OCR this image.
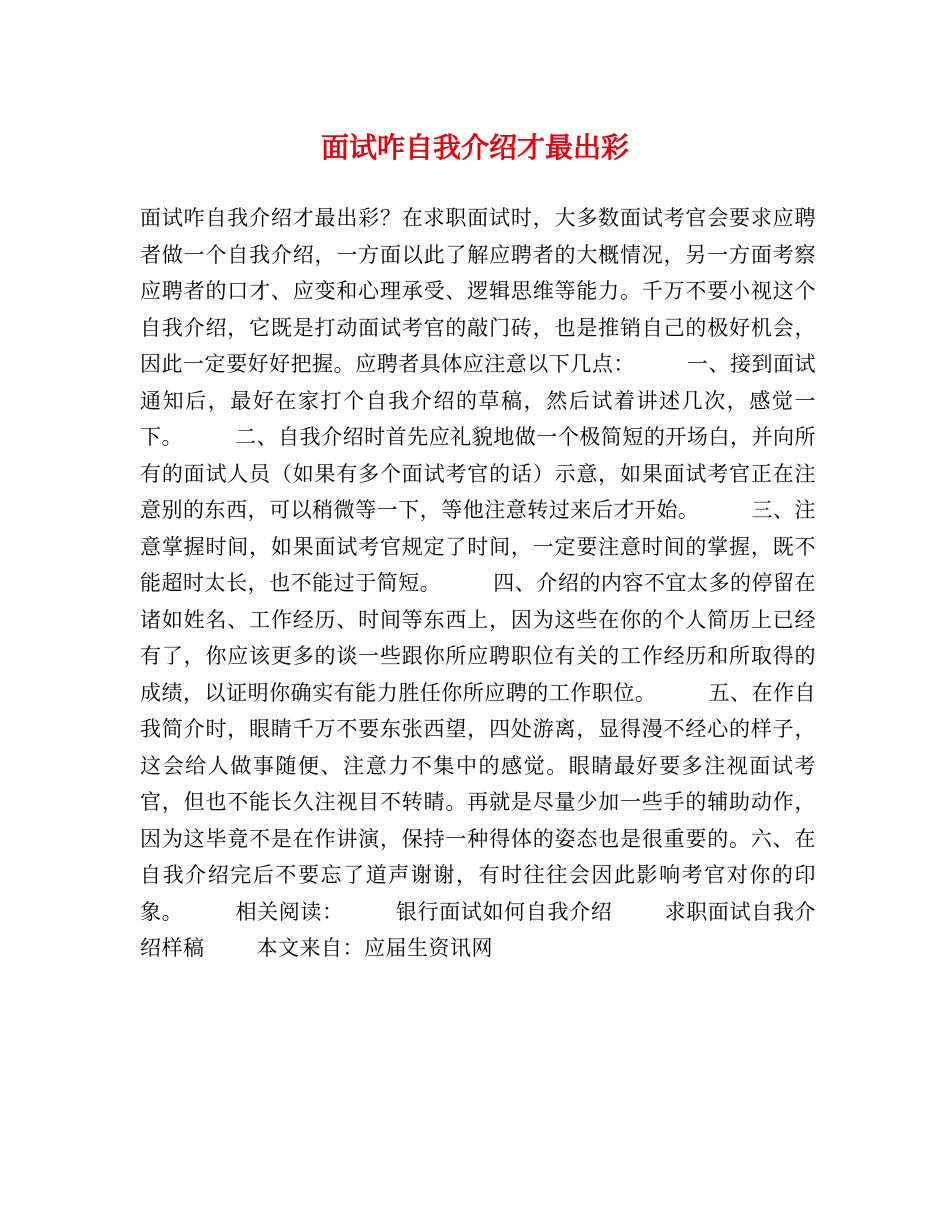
面试咋自我介绍才最出彩

面试咋自我介绍才最出彩？在求职面试时，大多数面试考官会要求应聘者做一个自我介绍，一方面以此了解应聘者的大概情况，另一方面考察应聘者的口才、应变和心理承受、逻辑思维等能力。千万不要小视这个自我介绍，它既是打动面试考官的敲门砖，也是推销自己的极好机会，因此一定要好好把握。应聘者具体应注意以下几点： 一、接到面试通知后，最好在家打个自我介绍的草稿，然后试着讲述几次，感觉一下。 二、自我介绍时首先应礼貌地做一个极简短的开场白，并向所有的面试人员（如果有多个面试考官的话）示意，如果面试考官正在注意别的东西，可以稍微等一下，等他注意转过来后才开始。 三、注意掌握时间，如果面试考官规定了时间，一定要注意时间的掌握，既不能超时太长，也不能过于简短。 四、介绍的内容不宜太多的停留在诸如姓名、工作经历、时间等东西上，因为这些在你的个人简历上已经有了，你应该更多的谈一些跟你所应聘职位有关的工作经历和所取得的成绩，以证明你确实有能力胜任你所应聘的工作职位。 五、在作自我简介时，眼睛千万不要东张西望，四处游离，显得漫不经心的样子，这会给人做事随便、注意力不集中的感觉。眼睛最好要多注视面试考官，但也不能长久注视目不转睛。再就是尽量少加一些手的辅助动作，因为这毕竟不是在作讲演，保持一种得体的姿态也是很重要的。六、在自我介绍完后不要忘了道声谢谢，有时往往会因此影响考官对你的印象。 相关阅读： 银行面试如何自我介绍 求职面试自我介绍样稿 本文来自：应届生资讯网
